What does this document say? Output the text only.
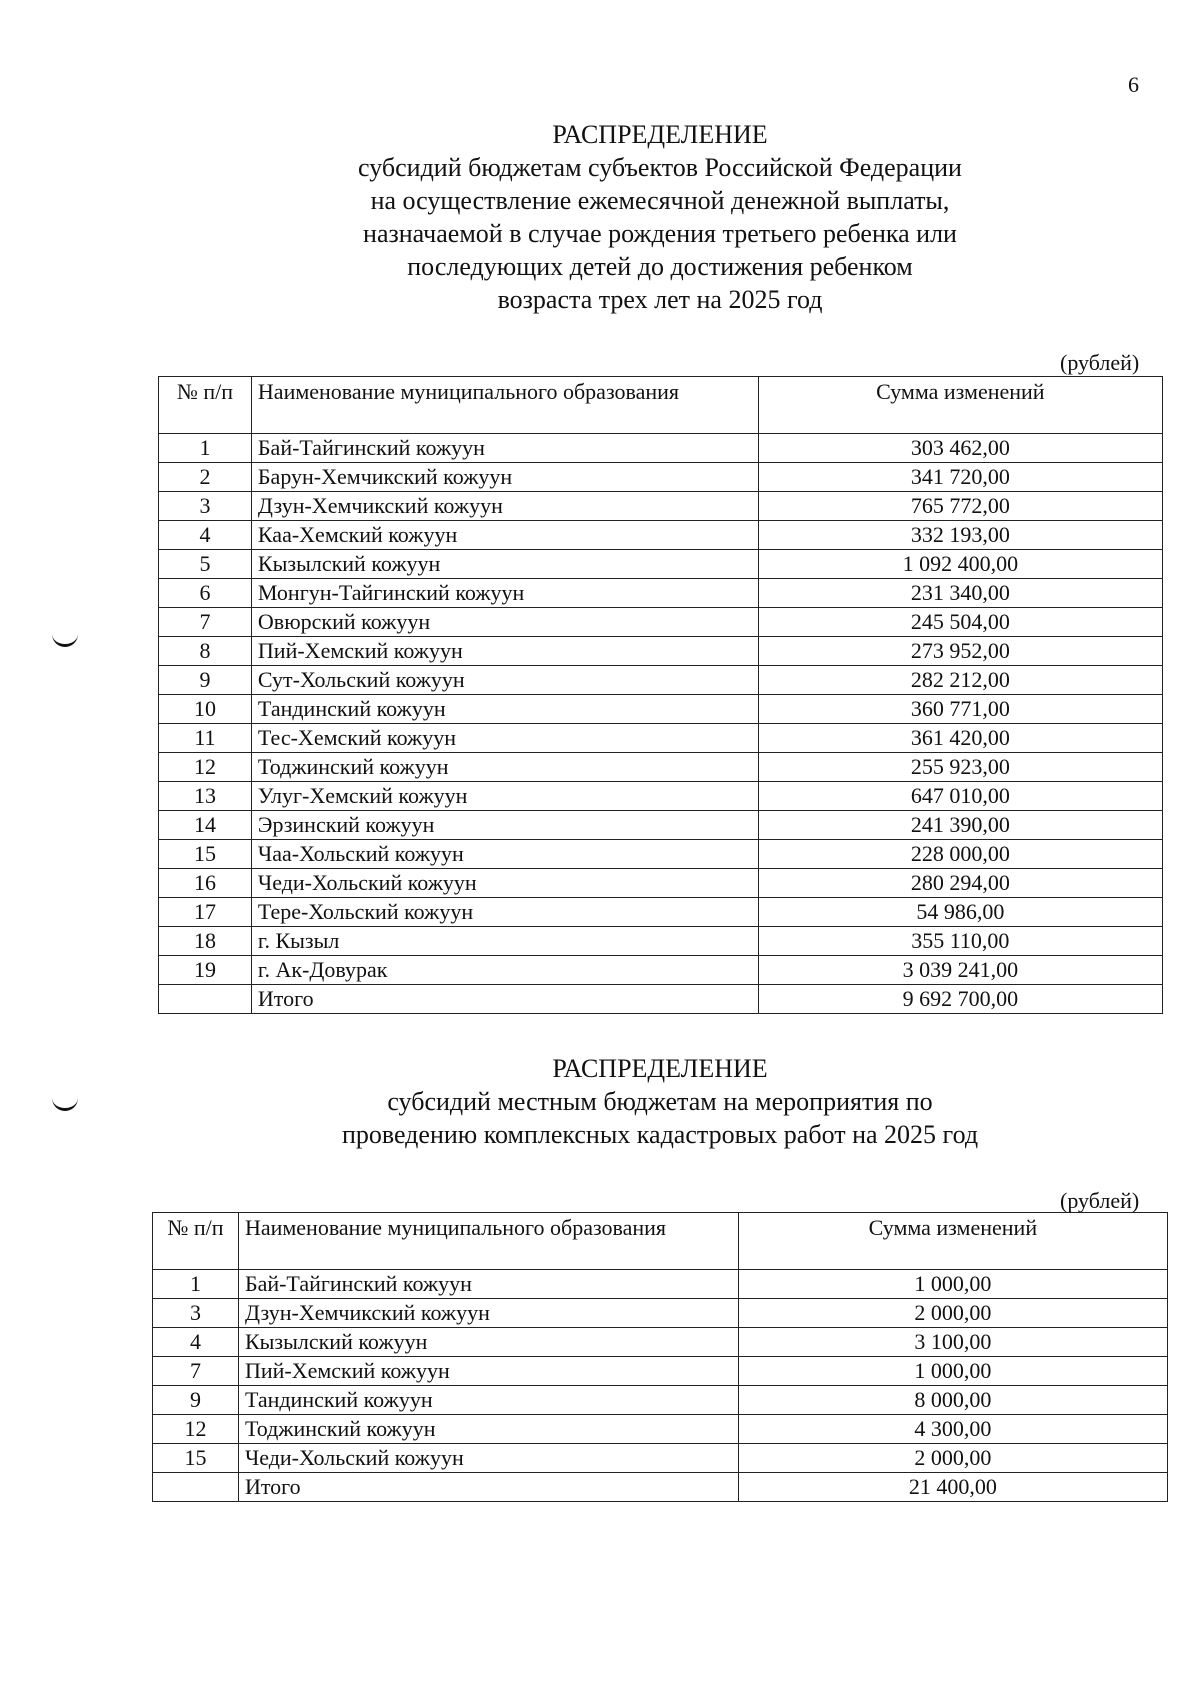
6
РАСПРЕДЕЛЕНИЕ
субсидий бюджетам субъектов Российской Федерации
на осуществление ежемесячной денежной выплаты,
назначаемой в случае рождения третьего ребенка или
последующих детей до достижения ребенком
возраста трех лет на 2025 год
(рублей)
№ п/п	Наименование муниципального образования	Сумма изменений
1	Бай-Тайгинский кожуун	303 462,00
2	Барун-Хемчикский кожуун	341 720,00
3	Дзун-Хемчикский кожуун	765 772,00
4	Каа-Хемский кожуун	332 193,00
5	Кызылский кожуун	1 092 400,00
6	Монгун-Тайгинский кожуун	231 340,00
7	Овюрский кожуун	245 504,00
8	Пий-Хемский кожуун	273 952,00
9	Сут-Хольский кожуун	282 212,00
10	Тандинский кожуун	360 771,00
11	Тес-Хемский кожуун	361 420,00
12	Тоджинский кожуун	255 923,00
13	Улуг-Хемский кожуун	647 010,00
14	Эрзинский кожуун	241 390,00
15	Чаа-Хольский кожуун	228 000,00
16	Чеди-Хольский кожуун	280 294,00
17	Тере-Хольский кожуун	54 986,00
18	г. Кызыл	355 110,00
19	г. Ак-Довурак	3 039 241,00
	Итого	9 692 700,00
РАСПРЕДЕЛЕНИЕ
субсидий местным бюджетам на мероприятия по
проведению комплексных кадастровых работ на 2025 год
(рублей)
№ п/п	Наименование муниципального образования	Сумма изменений
1	Бай-Тайгинский кожуун	1 000,00
3	Дзун-Хемчикский кожуун	2 000,00
4	Кызылский кожуун	3 100,00
7	Пий-Хемский кожуун	1 000,00
9	Тандинский кожуун	8 000,00
12	Тоджинский кожуун	4 300,00
15	Чеди-Хольский кожуун	2 000,00
	Итого	21 400,00
